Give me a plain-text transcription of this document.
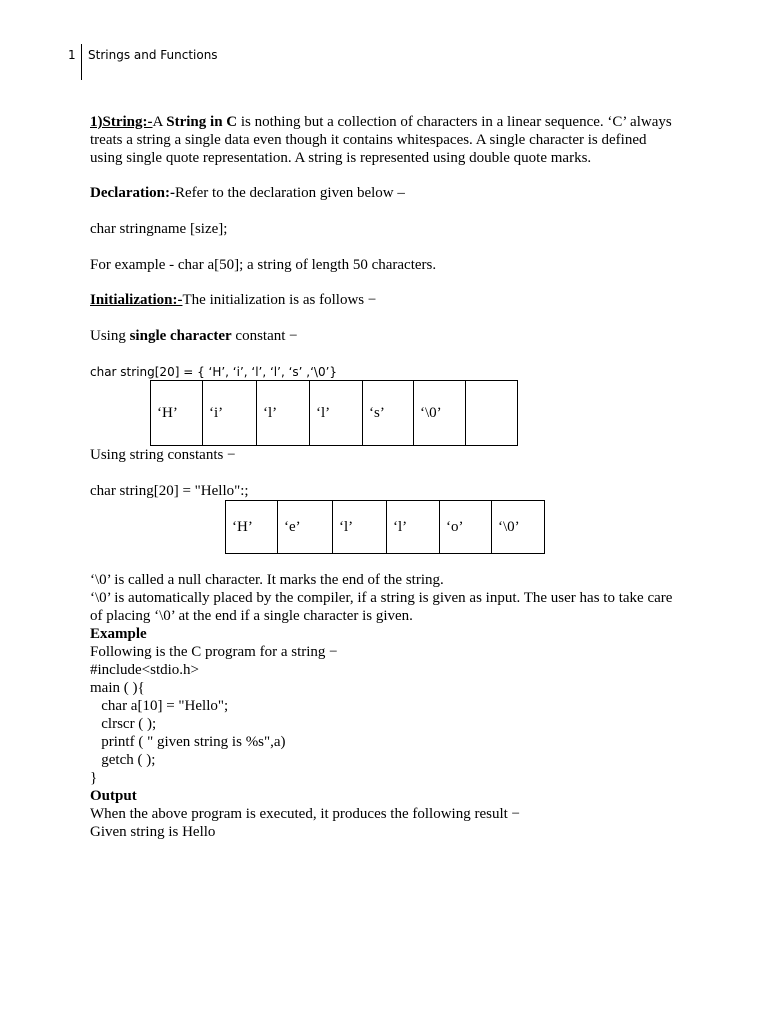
1 Strings and Functions
1)String:-A String in C is nothing but a collection of characters in a linear sequence. ‘C’ always
treats a string a single data even though it contains whitespaces. A single character is defined
using single quote representation. A string is represented using double quote marks.
Declaration:-Refer to the declaration given below –
char stringname [size];
For example - char a[50]; a string of length 50 characters.
Initialization:-The initialization is as follows −
Using single character constant −
char string[20] = { ‘H’, ‘i’, ‘l’, ‘l’, ‘s’ ,‘\0’}
‘H’	‘i’	‘l’	‘l’	‘s’	‘\0’	
Using string constants −
char string[20] = "Hello":;
‘H’	‘e’	‘l’	‘l’	‘o’	‘\0’
‘\0’ is called a null character. It marks the end of the string.
‘\0’ is automatically placed by the compiler, if a string is given as input. The user has to take care
of placing ‘\0’ at the end if a single character is given.
Example
Following is the C program for a string −
#include<stdio.h>
main ( ){
char a[10] = "Hello";
clrscr ( );
printf ( " given string is %s",a)
getch ( );
}
Output
When the above program is executed, it produces the following result −
Given string is Hello
